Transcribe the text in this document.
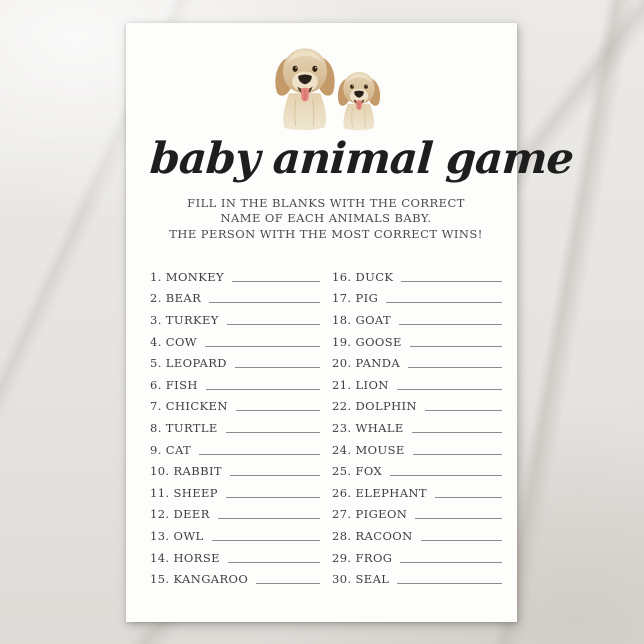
baby animal game
FILL IN THE BLANKS WITH THE CORRECT
NAME OF EACH ANIMALS BABY.
THE PERSON WITH THE MOST CORRECT WINS!
1. MONKEY
2. BEAR
3. TURKEY
4. COW
5. LEOPARD
6. FISH
7. CHICKEN
8. TURTLE
9. CAT
10. RABBIT
11. SHEEP
12. DEER
13. OWL
14. HORSE
15. KANGAROO
16. DUCK
17. PIG
18. GOAT
19. GOOSE
20. PANDA
21. LION
22. DOLPHIN
23. WHALE
24. MOUSE
25. FOX
26. ELEPHANT
27. PIGEON
28. RACOON
29. FROG
30. SEAL
